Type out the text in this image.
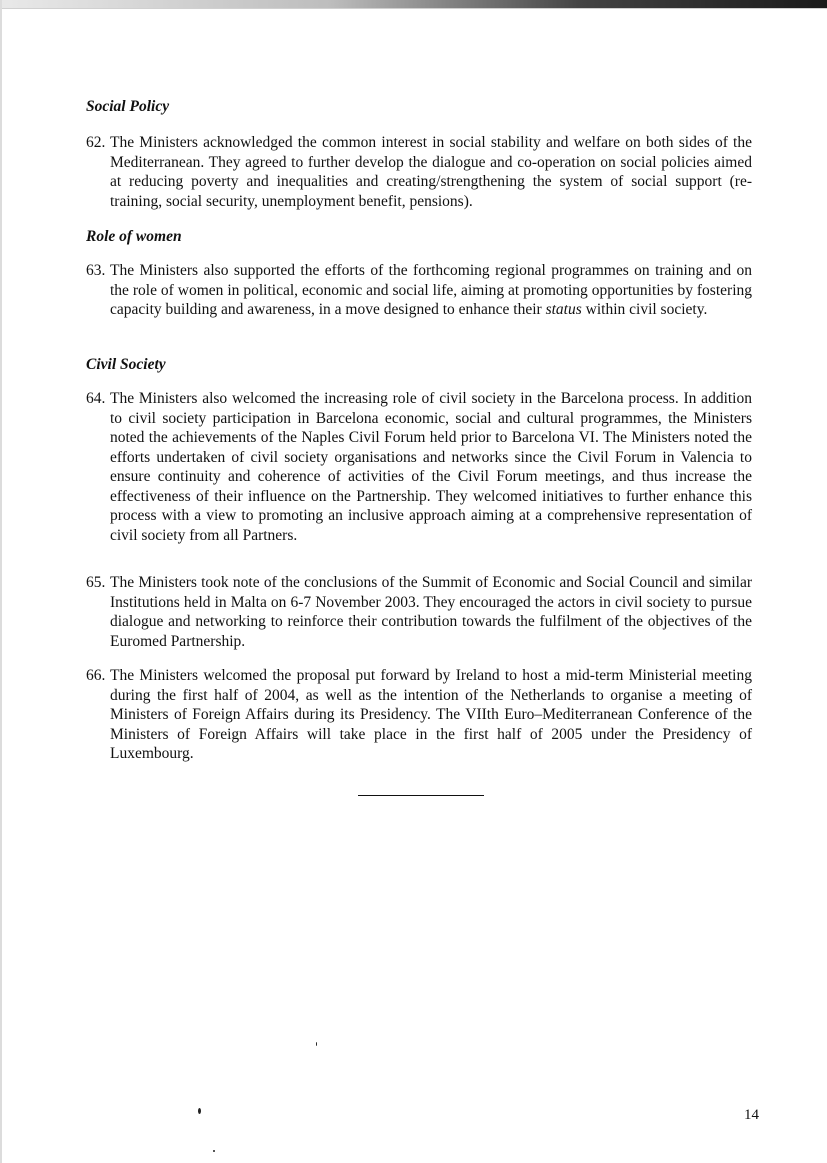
Social Policy
62. The Ministers acknowledged the common interest in social stability and welfare on both sides of the Mediterranean. They agreed to further develop the dialogue and co-operation on social policies aimed at reducing poverty and inequalities and creating/strengthening the system of social support (re-training, social security, unemployment benefit, pensions).
Role of women
63. The Ministers also supported the efforts of the forthcoming regional programmes on training and on the role of women in political, economic and social life, aiming at promoting opportunities by fostering capacity building and awareness, in a move designed to enhance their status within civil society.
Civil Society
64. The Ministers also welcomed the increasing role of civil society in the Barcelona process. In addition to civil society participation in Barcelona economic, social and cultural programmes, the Ministers noted the achievements of the Naples Civil Forum held prior to Barcelona VI. The Ministers noted the efforts undertaken of civil society organisations and networks since the Civil Forum in Valencia to ensure continuity and coherence of activities of the Civil Forum meetings, and thus increase the effectiveness of their influence on the Partnership. They welcomed initiatives to further enhance this process with a view to promoting an inclusive approach aiming at a comprehensive representation of civil society from all Partners.
65. The Ministers took note of the conclusions of the Summit of Economic and Social Council and similar Institutions held in Malta on 6-7 November 2003. They encouraged the actors in civil society to pursue dialogue and networking to reinforce their contribution towards the fulfilment of the objectives of the Euromed Partnership.
66. The Ministers welcomed the proposal put forward by Ireland to host a mid-term Ministerial meeting during the first half of 2004, as well as the intention of the Netherlands to organise a meeting of Ministers of Foreign Affairs during its Presidency. The VIIth Euro–Mediterranean Conference of the Ministers of Foreign Affairs will take place in the first half of 2005 under the Presidency of Luxembourg.
14
